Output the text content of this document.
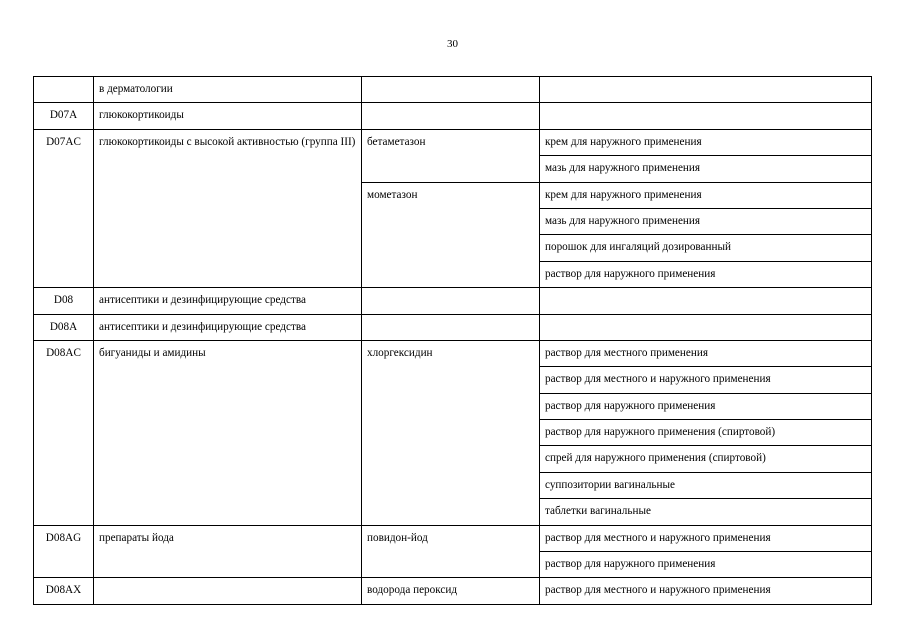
30
	в дерматологии		
D07A	глюкокортикоиды		
D07AC	глюкокортикоиды с высокой активностью (группа III)	бетаметазон	крем для наружного применения
			мазь для наружного применения
		мометазон	крем для наружного применения
			мазь для наружного применения
			порошок для ингаляций дозированный
			раствор для наружного применения
D08	антисептики и дезинфицирующие средства		
D08A	антисептики и дезинфицирующие средства		
D08AC	бигуаниды и амидины	хлоргексидин	раствор для местного применения
			раствор для местного и наружного применения
			раствор для наружного применения
			раствор для наружного применения (спиртовой)
			спрей для наружного применения (спиртовой)
			суппозитории вагинальные
			таблетки вагинальные
D08AG	препараты йода	повидон-йод	раствор для местного и наружного применения
			раствор для наружного применения
D08AX		водорода пероксид	раствор для местного и наружного применения
